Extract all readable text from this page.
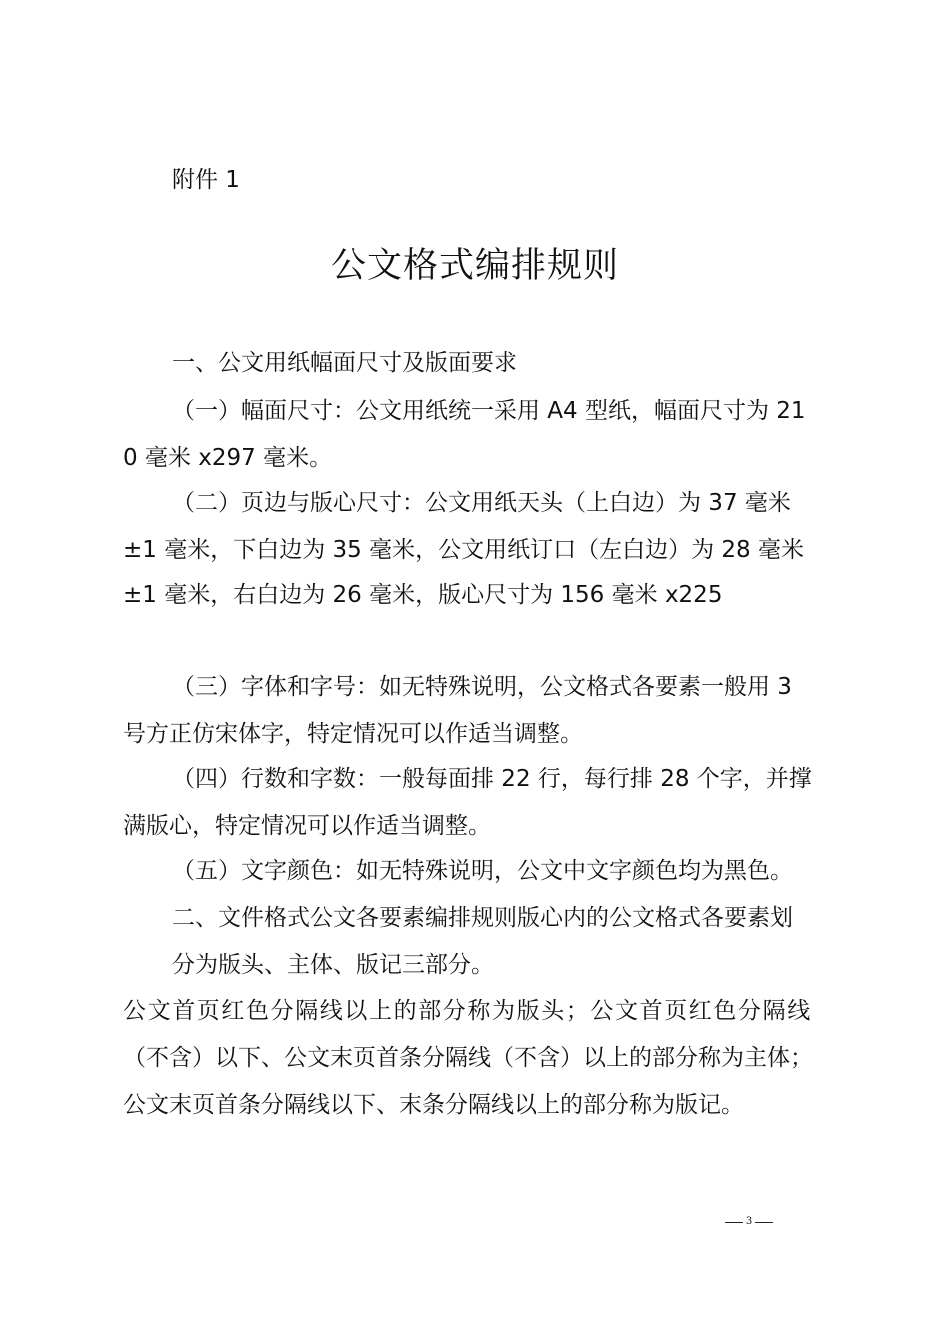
附件 1
公文格式编排规则
一、公文用纸幅面尺寸及版面要求
（一）幅面尺寸：公文用纸统一采用 A4 型纸，幅面尺寸为 21
0 毫米 x297 毫米。
（二）页边与版心尺寸：公文用纸天头（上白边）为 37 毫米
±1 毫米，下白边为 35 毫米，公文用纸订口（左白边）为 28 毫米
±1 毫米，右白边为 26 毫米，版心尺寸为 156 毫米 x225
（三）字体和字号：如无特殊说明，公文格式各要素一般用 3
号方正仿宋体字，特定情况可以作适当调整。
（四）行数和字数：一般每面排 22 行，每行排 28 个字，并撑
满版心，特定情况可以作适当调整。
（五）文字颜色：如无特殊说明，公文中文字颜色均为黑色。
二、文件格式公文各要素编排规则版心内的公文格式各要素划
分为版头、主体、版记三部分。
公文首页红色分隔线以上的部分称为版头；公文首页红色分隔线
（不含）以下、公文末页首条分隔线（不含）以上的部分称为主体；
公文末页首条分隔线以下、末条分隔线以上的部分称为版记。
3
